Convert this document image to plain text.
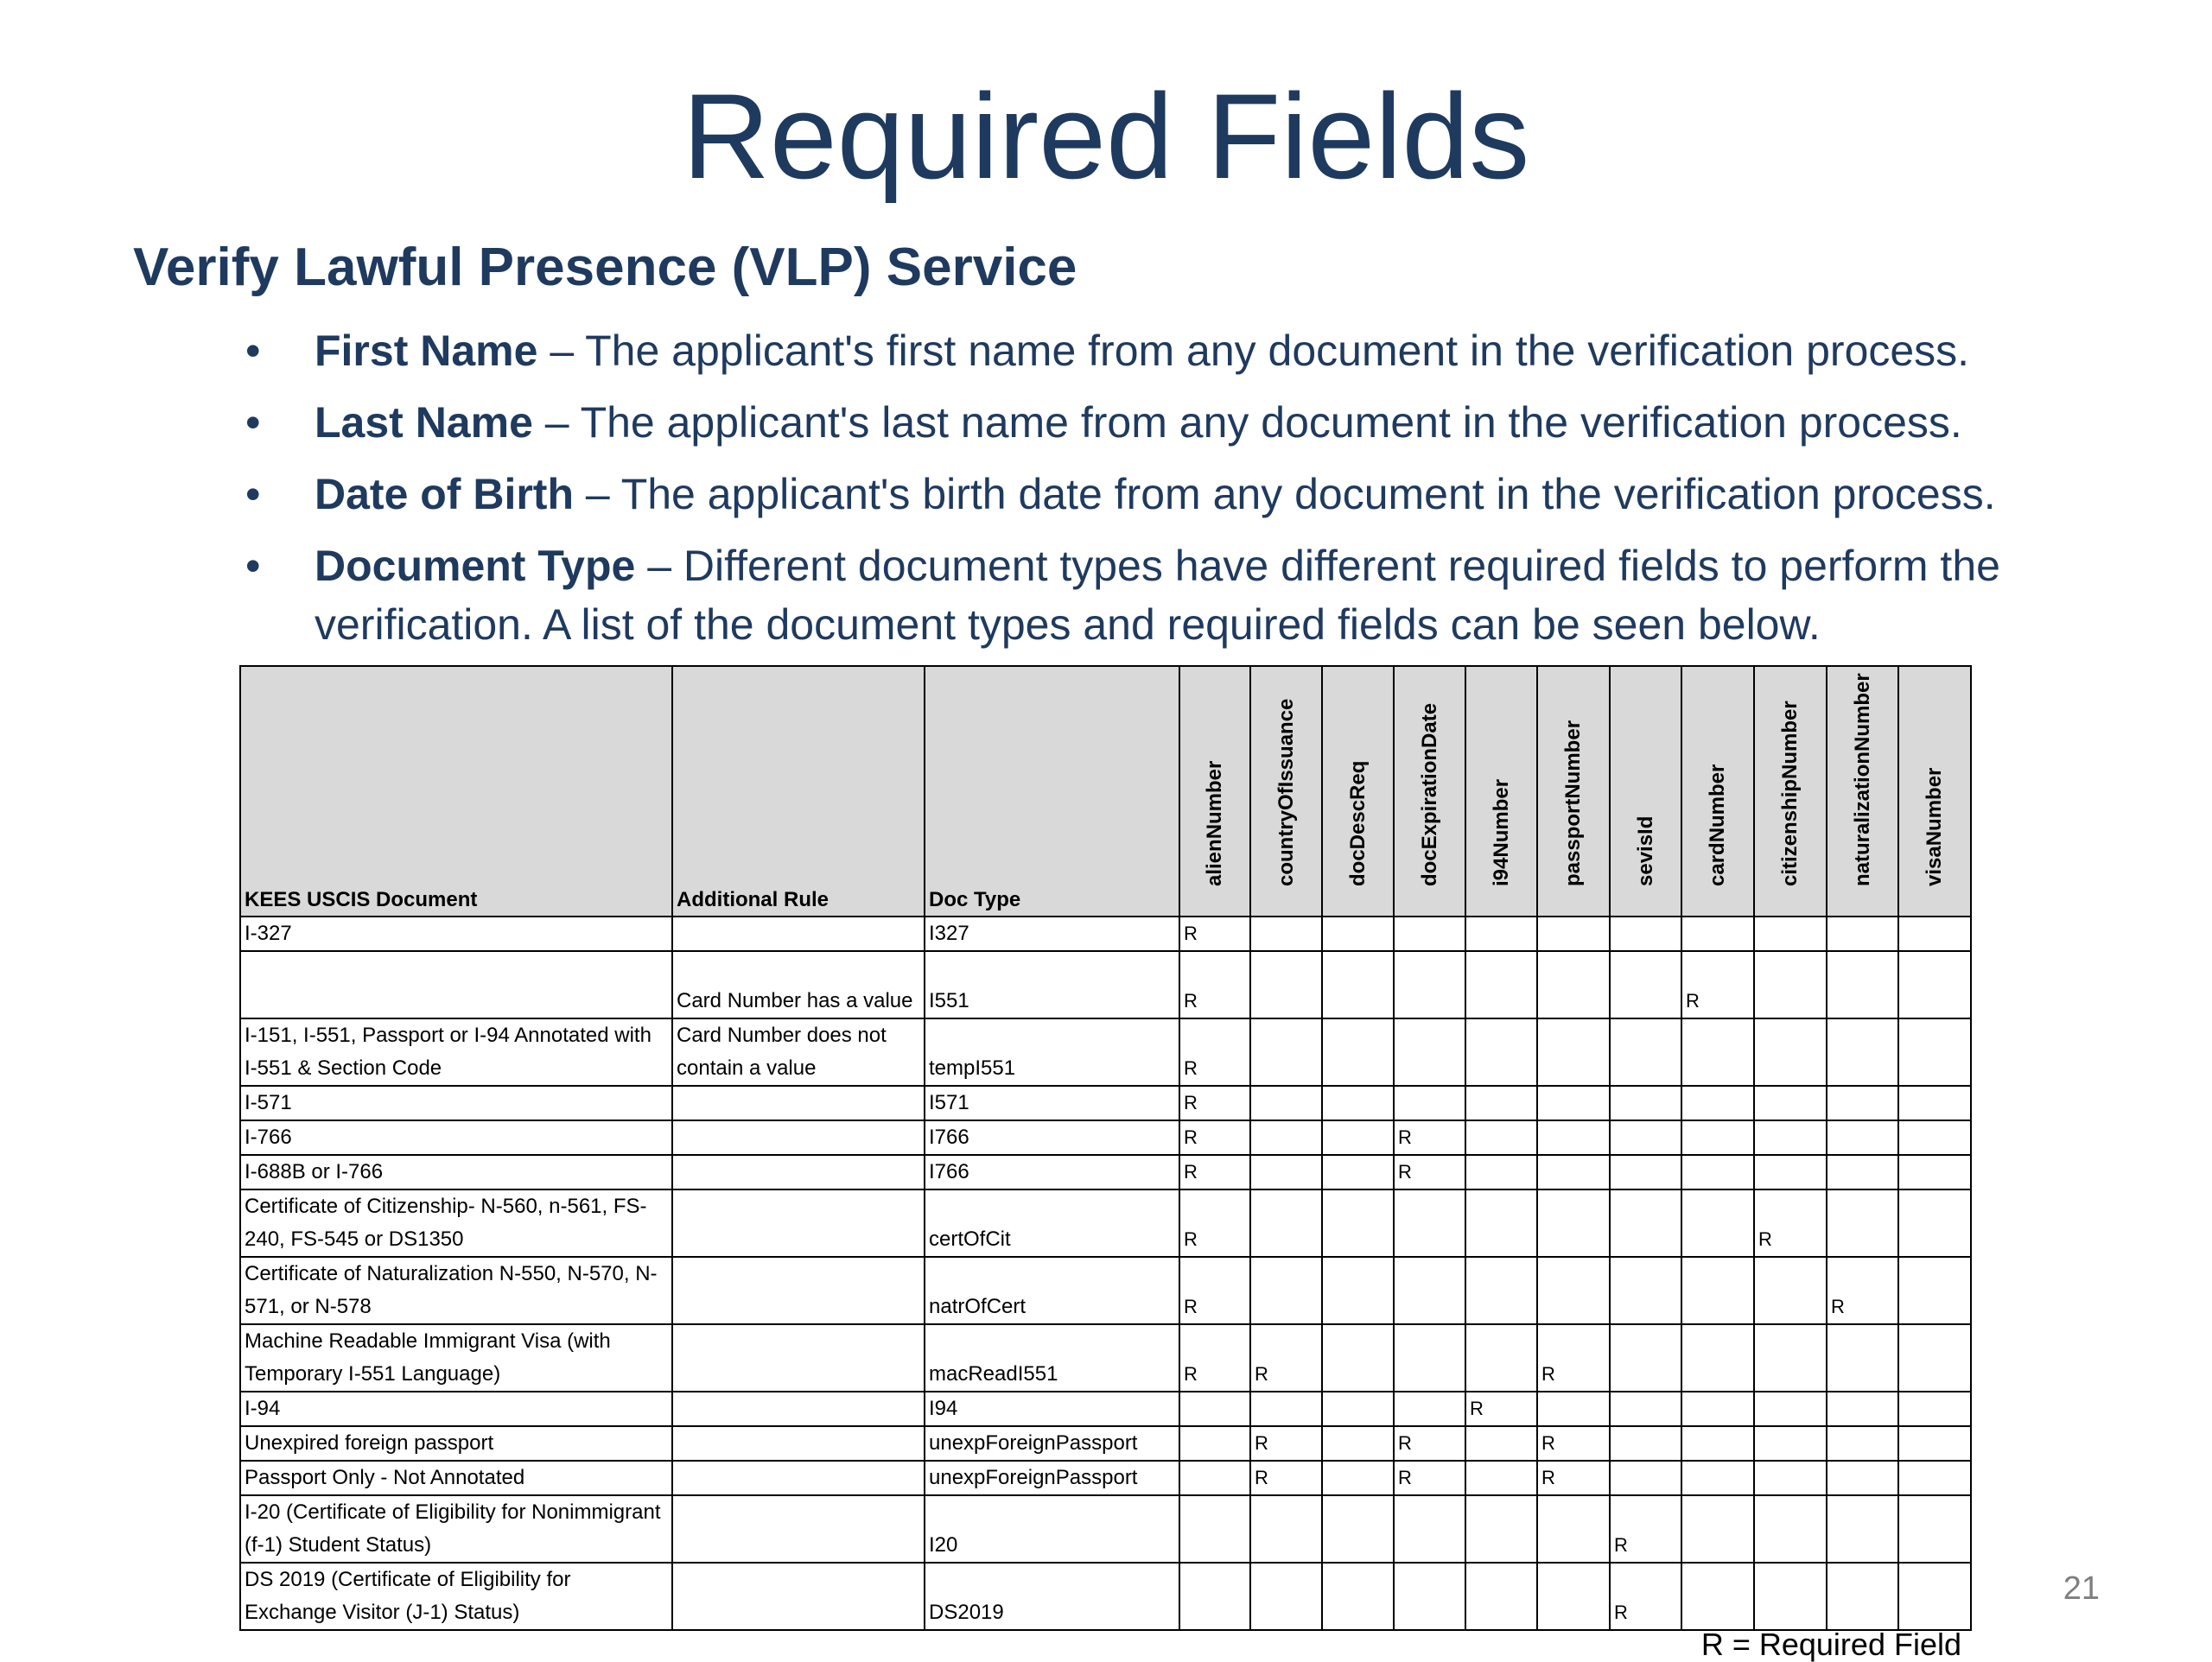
Required Fields
Verify Lawful Presence (VLP) Service
• First Name – The applicant's first name from any document in the verification process.
• Last Name – The applicant's last name from any document in the verification process.
• Date of Birth – The applicant's birth date from any document in the verification process.
• Document Type – Different document types have different required fields to perform the verification. A list of the document types and required fields can be seen below.
KEES USCIS Document	Additional Rule	Doc Type	alienNumber	countryOfIssuance	docDescReq	docExpirationDate	i94Number	passportNumber	sevisId	cardNumber	citizenshipNumber	naturalizationNumber	visaNumber

I-327		I327	R										
	Card Number has a value	I551	R							R			
I-151, I-551, Passport or I-94 Annotated with I-551 & Section Code	Card Number does not contain a value	tempI551	R										
I-571		I571	R										
I-766		I766	R			R							
I-688B or I-766		I766	R			R							
Certificate of Citizenship- N-560, n-561, FS-240, FS-545 or DS1350		certOfCit	R								R		
Certificate of Naturalization N-550, N-570, N-571, or N-578		natrOfCert	R									R	
Machine Readable Immigrant Visa (with Temporary I-551 Language)		macReadI551	R	R				R					
I-94		I94					R						
Unexpired foreign passport		unexpForeignPassport		R		R		R					
Passport Only - Not Annotated		unexpForeignPassport		R		R		R					
I-20 (Certificate of Eligibility for Nonimmigrant (f-1) Student Status)		I20							R				
DS 2019 (Certificate of Eligibility for Exchange Visitor (J-1) Status)		DS2019							R				
R = Required Field
21
